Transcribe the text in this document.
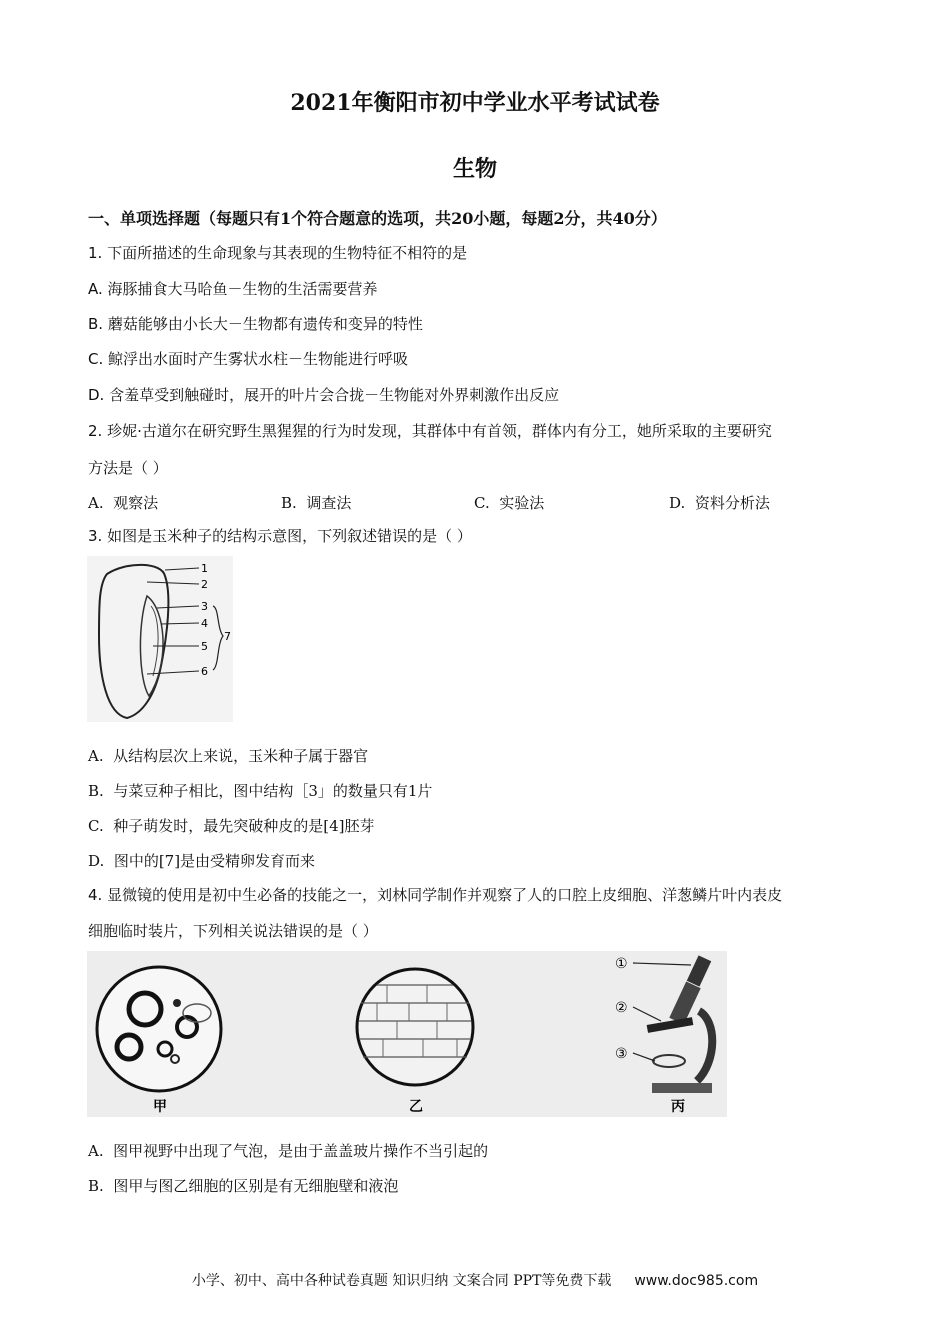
2021年衡阳市初中学业水平考试试卷
生物
一、单项选择题（每题只有1个符合题意的选项，共20小题，每题2分，共40分）
1. 下面所描述的生命现象与其表现的生物特征不相符的是
A. 海豚捕食大马哈鱼－生物的生活需要营养
B. 蘑菇能够由小长大－生物都有遗传和变异的特性
C. 鲸浮出水面时产生雾状水柱－生物能进行呼吸
D. 含羞草受到触碰时，展开的叶片会合拢－生物能对外界刺激作出反应
2. 珍妮·古道尔在研究野生黑猩猩的行为时发现，其群体中有首领，群体内有分工，她所采取的主要研究
方法是（ ）
A. 观察法	B. 调查法	C. 实验法	D. 资料分析法
3. 如图是玉米种子的结构示意图，下列叙述错误的是（ ）
1
2
3
4
5
6
7
A. 从结构层次上来说，玉米种子属于器官
B. 与菜豆种子相比，图中结构［3」的数量只有1片
C. 种子萌发时，最先突破种皮的是[4]胚芽
D. 图中的[7]是由受精卵发育而来
4. 显微镜的使用是初中生必备的技能之一，刘林同学制作并观察了人的口腔上皮细胞、洋葱鳞片叶内表皮
细胞临时装片，下列相关说法错误的是（ ）
甲	乙
①
②
③
丙
A. 图甲视野中出现了气泡，是由于盖盖玻片操作不当引起的
B. 图甲与图乙细胞的区别是有无细胞壁和液泡
小学、初中、高中各种试卷真题 知识归纳 文案合同 PPT等免费下载 www.doc985.com
